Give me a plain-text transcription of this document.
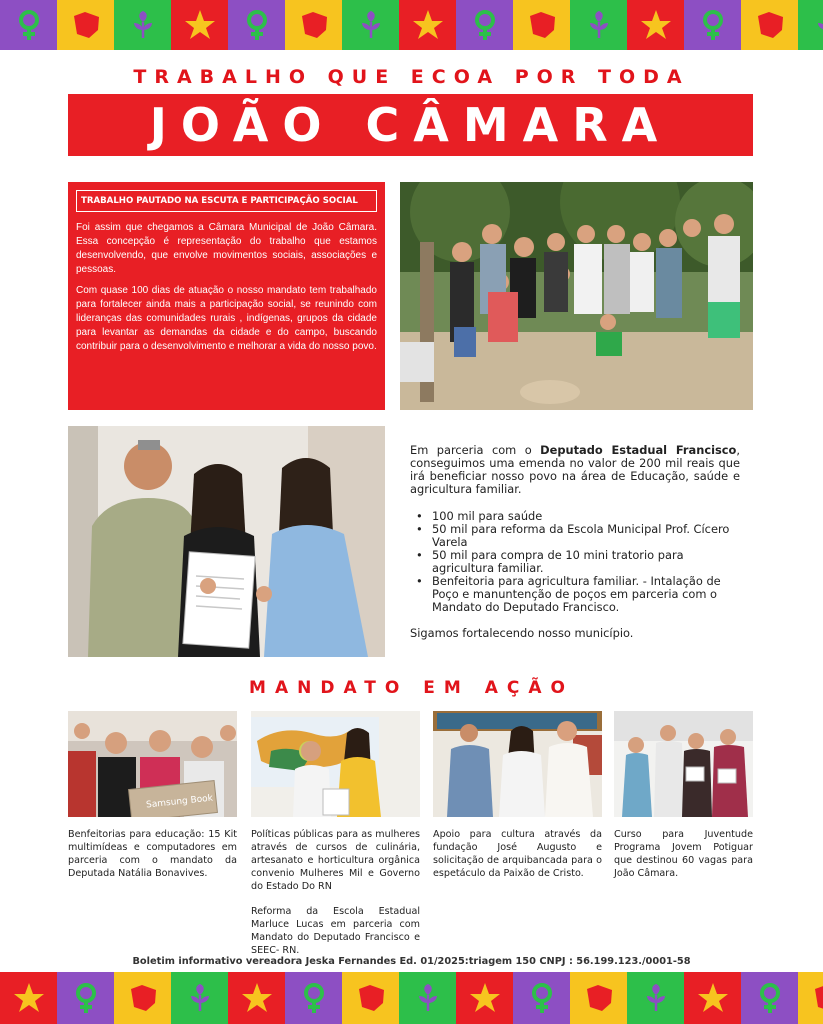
TRABALHO QUE ECOA POR TODA
JOÃO CÂMARA
TRABALHO PAUTADO NA ESCUTA E PARTICIPAÇÃO SOCIAL

Foi assim que chegamos a Câmara Municipal de João Câmara. Essa concepção é representação do trabalho que estamos desenvolvendo, que envolve movimentos sociais, associações e pessoas.

Com quase 100 dias de atuação o nosso mandato tem trabalhado para fortalecer ainda mais a participação social, se reunindo com lideranças das comunidades rurais , indígenas, grupos da cidade para levantar as demandas da cidade e do campo, buscando contribuir para o desenvolvimento e melhorar a vida do nosso povo.

Em parceria com o Deputado Estadual Francisco, conseguimos uma emenda no valor de 200 mil reais que irá beneficiar nosso povo na área de Educação, saúde e agricultura familiar.

• 100 mil para saúde
• 50 mil para reforma da Escola Municipal Prof. Cícero Varela
• 50 mil para compra de 10 mini tratorio para agricultura familiar.
• Benfeitoria para agricultura familiar. - Intalação de Poço e manuntenção de poços em parceria com o Mandato do Deputado Francisco.

Sigamos fortalecendo nosso município.

MANDATO EM AÇÃO
Samsung Book

Benfeitorias para educação: 15 Kit multimídeas e computadores em parceria com o mandato da Deputada Natália Bonavives.

Políticas públicas para as mulheres através de cursos de culinária, artesanato e horticultura orgânica convenio Mulheres Mil e Governo do Estado Do RN

Reforma da Escola Estadual Marluce Lucas em parceria com Mandato do Deputado Francisco e SEEC- RN.

Apoio para cultura através da fundação José Augusto e solicitação de arquibancada para o espetáculo da Paixão de Cristo.

Curso para Juventude Programa Jovem Potiguar que destinou 60 vagas para João Câmara.

Boletim informativo vereadora Jeska Fernandes Ed. 01/2025:triagem 150 CNPJ : 56.199.123./0001-58
